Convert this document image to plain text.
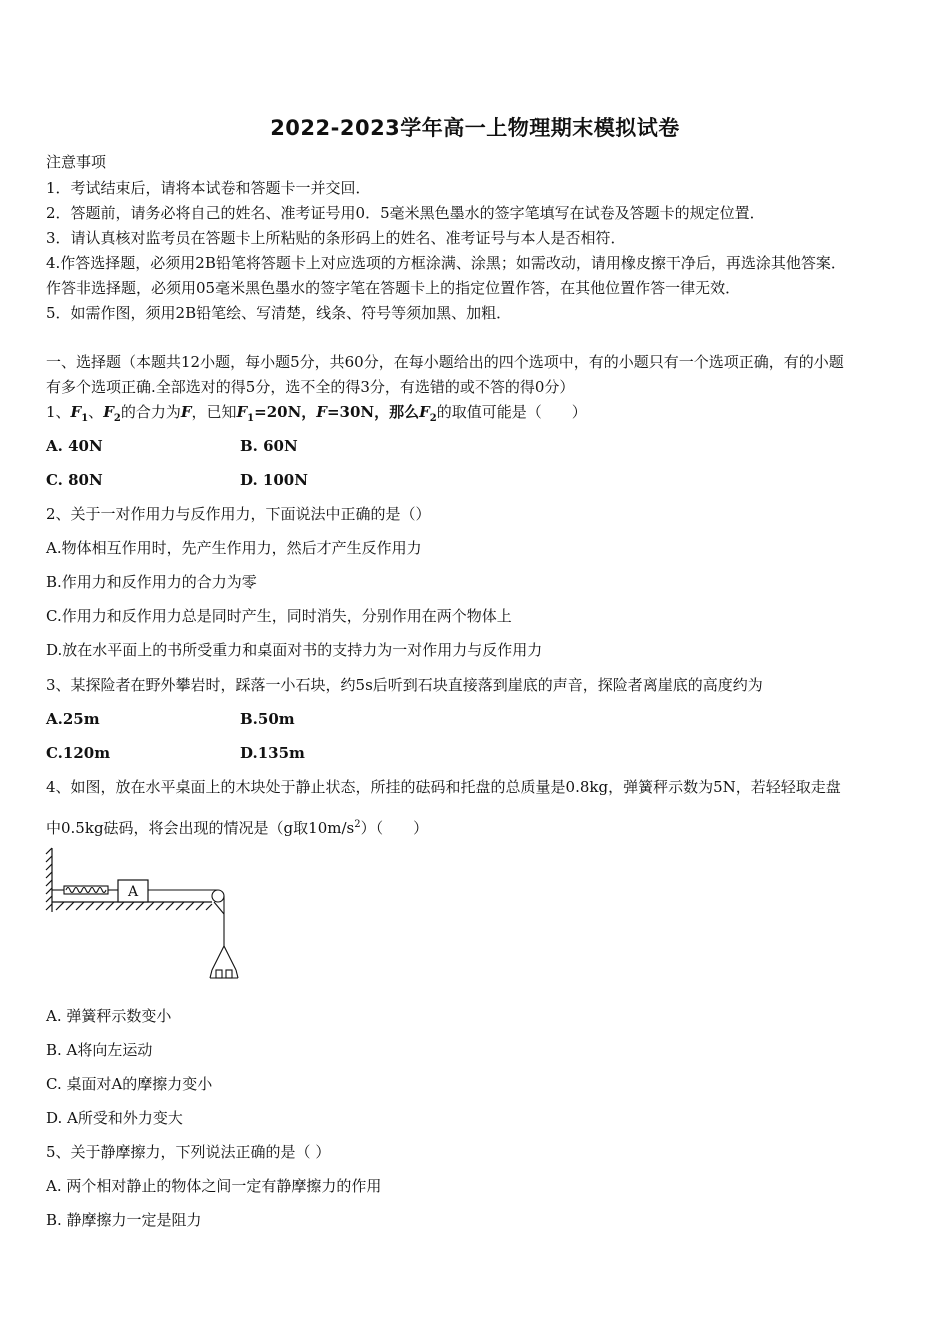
2022-2023学年高一上物理期末模拟试卷
注意事项
1．考试结束后，请将本试卷和答题卡一并交回．
2．答题前，请务必将自己的姓名、准考证号用0．5毫米黑色墨水的签字笔填写在试卷及答题卡的规定位置．
3．请认真核对监考员在答题卡上所粘贴的条形码上的姓名、准考证号与本人是否相符．
4.作答选择题，必须用2B铅笔将答题卡上对应选项的方框涂满、涂黑；如需改动，请用橡皮擦干净后，再选涂其他答案．
作答非选择题，必须用05毫米黑色墨水的签字笔在答题卡上的指定位置作答，在其他位置作答一律无效．
5．如需作图，须用2B铅笔绘、写清楚，线条、符号等须加黑、加粗．
一、选择题（本题共12小题，每小题5分，共60分，在每小题给出的四个选项中，有的小题只有一个选项正确，有的小题
有多个选项正确.全部选对的得5分，选不全的得3分，有选错的或不答的得0分）
1、$F_1$、$F_2$的合力为F，已知$F_1=20N$，F=30N，那么$F_2$的取值可能是（　　）
A. 40N	B. 60N
C. 80N	D. 100N
2、关于一对作用力与反作用力，下面说法中正确的是（）
A.物体相互作用时，先产生作用力，然后才产生反作用力
B.作用力和反作用力的合力为零
C.作用力和反作用力总是同时产生，同时消失，分别作用在两个物体上
D.放在水平面上的书所受重力和桌面对书的支持力为一对作用力与反作用力
3、某探险者在野外攀岩时，踩落一小石块，约5s后听到石块直接落到崖底的声音，探险者离崖底的高度约为
A.25m	B.50m
C.120m	D.135m
4、如图，放在水平桌面上的木块处于静止状态，所挂的砝码和托盘的总质量是0.8kg，弹簧秤示数为5N，若轻轻取走盘
中0.5kg砝码，将会出现的情况是（g取$10m/s^2$）（　　）
A
A. 弹簧秤示数变小
B. A将向左运动
C. 桌面对A的摩擦力变小
D. A所受和外力变大
5、关于静摩擦力，下列说法正确的是（ ）
A. 两个相对静止的物体之间一定有静摩擦力的作用
B. 静摩擦力一定是阻力
